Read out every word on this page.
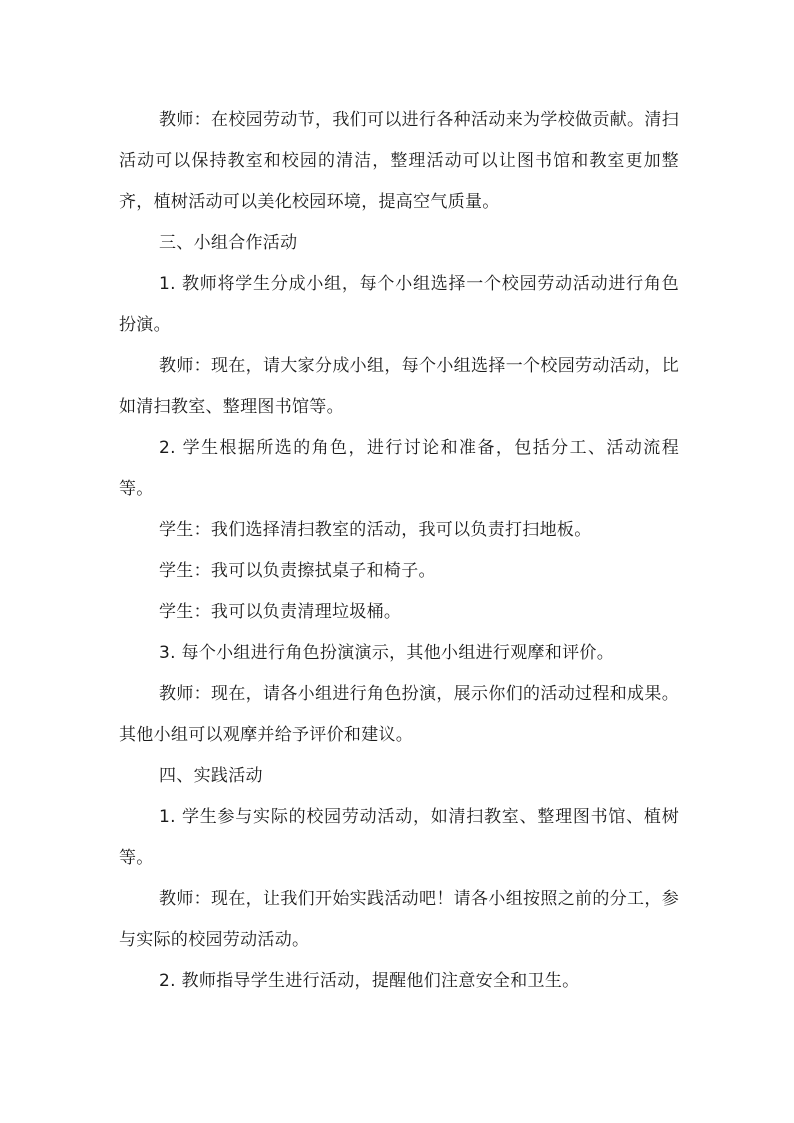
教师：在校园劳动节，我们可以进行各种活动来为学校做贡献。清扫活动可以保持教室和校园的清洁，整理活动可以让图书馆和教室更加整齐，植树活动可以美化校园环境，提高空气质量。

三、小组合作活动

1. 教师将学生分成小组，每个小组选择一个校园劳动活动进行角色扮演。

教师：现在，请大家分成小组，每个小组选择一个校园劳动活动，比如清扫教室、整理图书馆等。

2. 学生根据所选的角色，进行讨论和准备，包括分工、活动流程等。

学生：我们选择清扫教室的活动，我可以负责打扫地板。

学生：我可以负责擦拭桌子和椅子。

学生：我可以负责清理垃圾桶。

3. 每个小组进行角色扮演演示，其他小组进行观摩和评价。

教师：现在，请各小组进行角色扮演，展示你们的活动过程和成果。其他小组可以观摩并给予评价和建议。

四、实践活动

1. 学生参与实际的校园劳动活动，如清扫教室、整理图书馆、植树等。

教师：现在，让我们开始实践活动吧！请各小组按照之前的分工，参与实际的校园劳动活动。

2. 教师指导学生进行活动，提醒他们注意安全和卫生。
